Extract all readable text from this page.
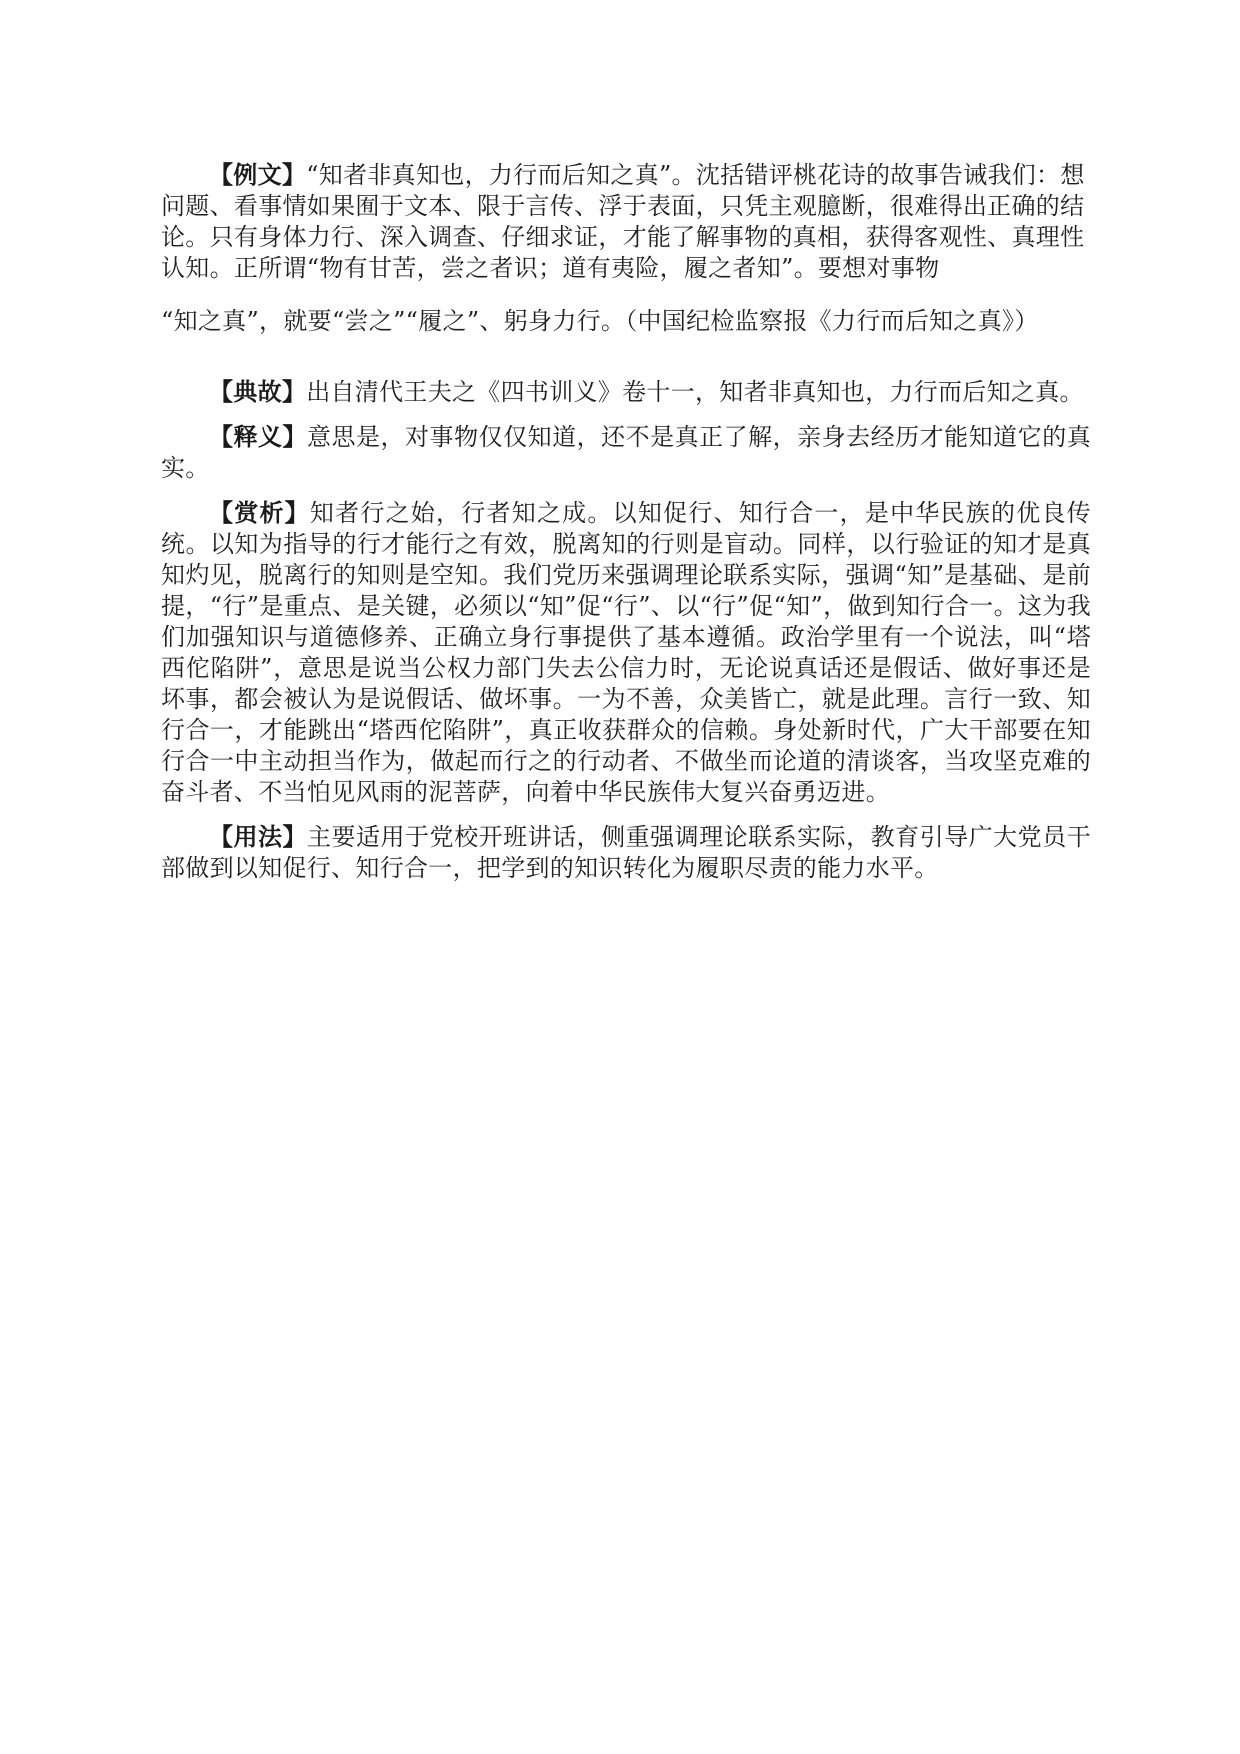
【例文】“知者非真知也，力行而后知之真”。沈括错评桃花诗的故事告诫我们：想问题、看事情如果囿于文本、限于言传、浮于表面，只凭主观臆断，很难得出正确的结论。只有身体力行、深入调查、仔细求证，才能了解事物的真相，获得客观性、真理性认知。正所谓“物有甘苦，尝之者识；道有夷险，履之者知”。要想对事物

“知之真”，就要“尝之”“履之”、躬身力行。（中国纪检监察报《力行而后知之真》）

【典故】出自清代王夫之《四书训义》卷十一，知者非真知也，力行而后知之真。

【释义】意思是，对事物仅仅知道，还不是真正了解，亲身去经历才能知道它的真实。

【赏析】知者行之始，行者知之成。以知促行、知行合一，是中华民族的优良传统。以知为指导的行才能行之有效，脱离知的行则是盲动。同样，以行验证的知才是真知灼见，脱离行的知则是空知。我们党历来强调理论联系实际，强调“知”是基础、是前提，“行”是重点、是关键，必须以“知”促“行”、以“行”促“知”，做到知行合一。这为我们加强知识与道德修养、正确立身行事提供了基本遵循。政治学里有一个说法，叫“塔西佗陷阱”，意思是说当公权力部门失去公信力时，无论说真话还是假话、做好事还是坏事，都会被认为是说假话、做坏事。一为不善，众美皆亡，就是此理。言行一致、知行合一，才能跳出“塔西佗陷阱”，真正收获群众的信赖。身处新时代，广大干部要在知行合一中主动担当作为，做起而行之的行动者、不做坐而论道的清谈客，当攻坚克难的奋斗者、不当怕见风雨的泥菩萨，向着中华民族伟大复兴奋勇迈进。

【用法】主要适用于党校开班讲话，侧重强调理论联系实际，教育引导广大党员干部做到以知促行、知行合一，把学到的知识转化为履职尽责的能力水平。
